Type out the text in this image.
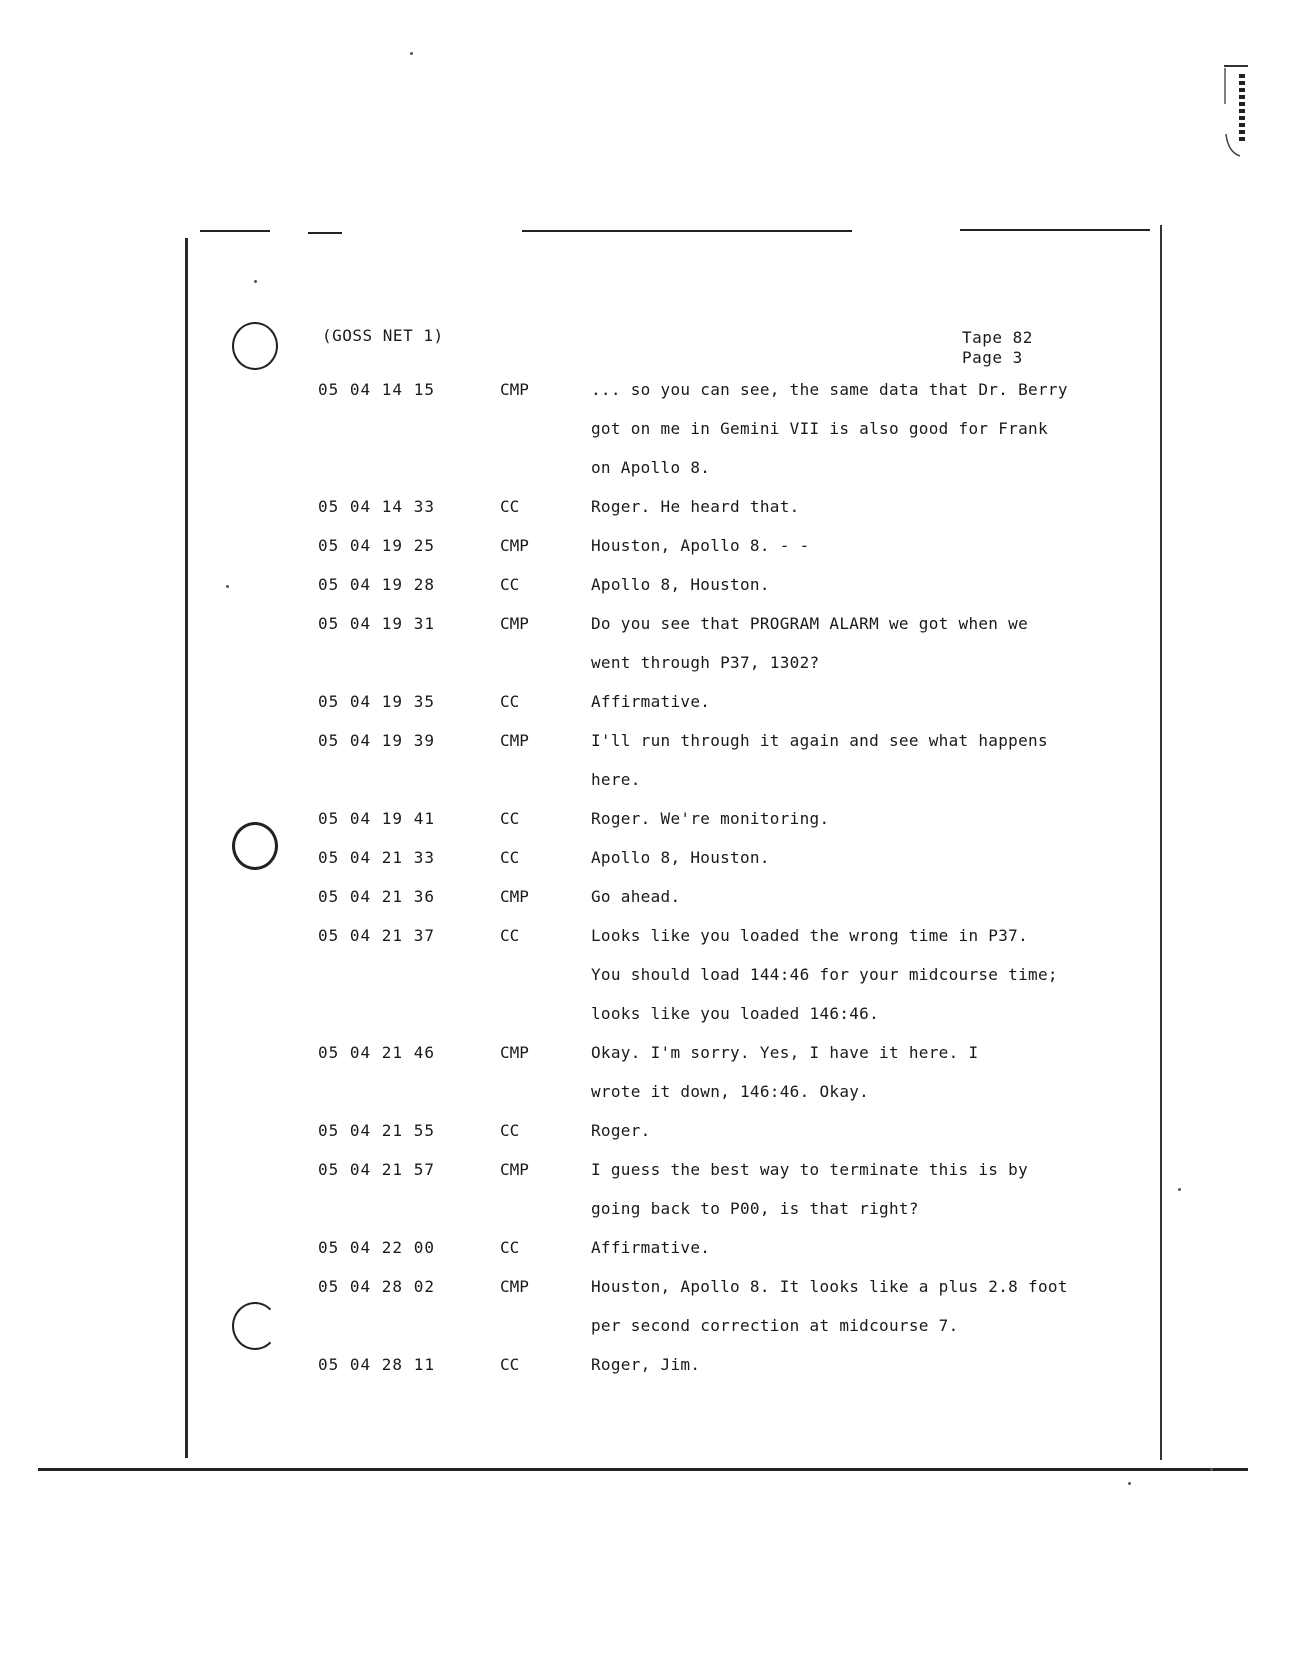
(GOSS NET 1)	Tape 82
Page 3
05 04 14 15	CMP	... so you can see, the same data that Dr. Berry
got on me in Gemini VII is also good for Frank
on Apollo 8.
05 04 14 33	CC	Roger. He heard that.
05 04 19 25	CMP	Houston, Apollo 8. - -
05 04 19 28	CC	Apollo 8, Houston.
05 04 19 31	CMP	Do you see that PROGRAM ALARM we got when we
went through P37, 1302?
05 04 19 35	CC	Affirmative.
05 04 19 39	CMP	I'll run through it again and see what happens
here.
05 04 19 41	CC	Roger. We're monitoring.
05 04 21 33	CC	Apollo 8, Houston.
05 04 21 36	CMP	Go ahead.
05 04 21 37	CC	Looks like you loaded the wrong time in P37.
You should load 144:46 for your midcourse time;
looks like you loaded 146:46.
05 04 21 46	CMP	Okay. I'm sorry. Yes, I have it here. I
wrote it down, 146:46. Okay.
05 04 21 55	CC	Roger.
05 04 21 57	CMP	I guess the best way to terminate this is by
going back to P00, is that right?
05 04 22 00	CC	Affirmative.
05 04 28 02	CMP	Houston, Apollo 8. It looks like a plus 2.8 foot
per second correction at midcourse 7.
05 04 28 11	CC	Roger, Jim.
